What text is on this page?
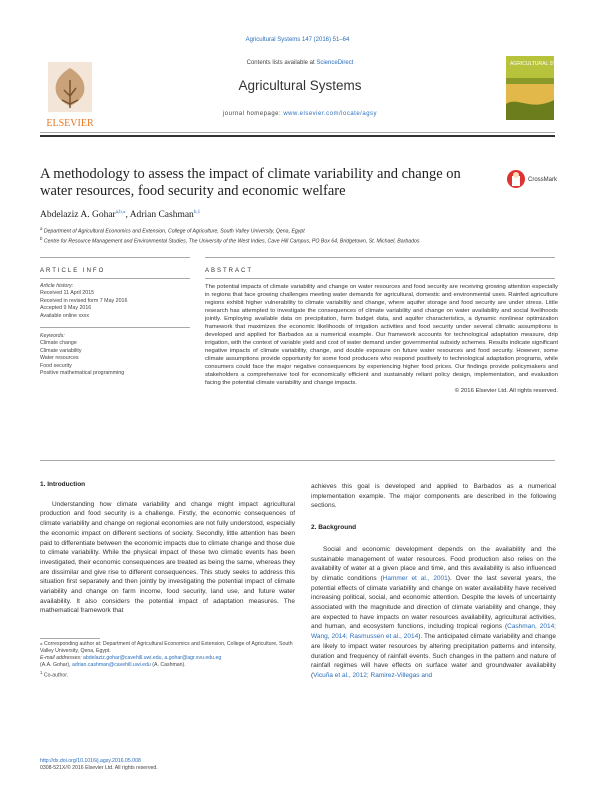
Agricultural Systems 147 (2016) 51–64
ELSEVIER
Contents lists available at ScienceDirect
Agricultural Systems
journal homepage: www.elsevier.com/locate/agsy
AGRICULTURAL SYSTEMS
A methodology to assess the impact of climate variability and change on water resources, food security and economic welfare
CrossMark
Abdelaziz A. Gohar$^{a,b,⁎}$, Adrian Cashman$^{b,1}$
$^a$ Department of Agricultural Economics and Extension, College of Agriculture, South Valley University, Qena, Egypt
$^b$ Centre for Resource Management and Environmental Studies, The University of the West Indies, Cave Hill Campus, PO Box 64, Bridgetown, St. Michael, Barbados
ARTICLE INFO	ABSTRACT
Article history:
Received 11 April 2015
Received in revised form 7 May 2016
Accepted 9 May 2016
Available online xxxx
Keywords:
Climate change
Climate variability
Water resources
Food security
Positive mathematical programming
The potential impacts of climate variability and change on water resources and food security are receiving growing attention especially in regions that face growing challenges meeting water demands for agricultural, domestic and environmental uses. Rainfed agriculture regions exhibit higher vulnerability to climate variability and change, where aquifer storage and food security are under stress. Little research has attempted to investigate the consequences of climate variability and change on water availability and social livelihoods jointly. Employing available data on precipitation, farm budget data, and aquifer characteristics, a dynamic nonlinear optimization framework that maximizes the economic likelihoods of irrigation activities and food security under several climatic assumptions is developed and applied for Barbados as a numerical example. Our framework accounts for technological adaptation measure, drip irrigation, with the context of variable yield and cost of water demand under governmental subsidy schemes. Results indicate significant negative impacts of climate variability, change, and double exposure on future water resources and food security. However, some climate assumptions provide opportunity for some food producers who respond positively to technological adaptation programs, while consumers could face the major negative consequences by experiencing higher food prices. Our findings provide policymakers and stakeholders a comprehensive tool for economically efficient and sustainably reliant policy design, implementation, and evaluation facing the potential climate variability and change impacts.
© 2016 Elsevier Ltd. All rights reserved.
1. Introduction

Understanding how climate variability and change might impact agricultural production and food security is a challenge. Firstly, the economic consequences of climate variability and change on regional economies are not fully understood, especially the economic impact on different sections of society. Secondly, little attention has been paid to differentiate between the economic impacts due to climate change and those due to climate variability. While the physical impact of these two climatic events has been investigated, their economic consequences are treated as being the same, whereas they are dissimilar and give rise to different consequences. This study seeks to address this situation first separately and then jointly by investigating the potential impact of climate variability and change on farm income, food security, land use, and future water availability. It also considers the potential impact of adaptation measures. The mathematical framework that

⁎ Corresponding author at: Department of Agricultural Economics and Extension, College of Agriculture, South Valley University, Qena, Egypt.
E-mail addresses: abdelaziz.gohar@cavehill.uwi.edu, a.gohar@agr.svu.edu.eg
(A.A. Gohar), adrian.cashman@cavehill.uwi.edu (A. Cashman).
$^1$ Co-author.
http://dx.doi.org/10.1016/j.agsy.2016.05.008
0308-521X/© 2016 Elsevier Ltd. All rights reserved.

achieves this goal is developed and applied to Barbados as a numerical implementation example. The major components are described in the following sections.

2. Background

Social and economic development depends on the availability and the sustainable management of water resources. Food production also relies on the availability of water at a given place and time, and this availability is also influenced by climatic conditions (Hammer et al., 2001). Over the last several years, the potential effects of climate variability and change on water availability have received increasing political, social, and economic attention. Despite the levels of uncertainty associated with the magnitude and direction of climate variability and change, they are expected to have impacts on water resources availability, agricultural activities, and human, and ecosystem functions, including tropical regions (Cashman, 2014; Wang, 2014; Rasmussen et al., 2014). The anticipated climate variability and change are likely to impact water resources by altering precipitation patterns and intensity, duration and frequency of rainfall events. Such changes in the pattern and nature of rainfall regimes will have effects on surface water and groundwater availability (Vicuña et al., 2012; Ramirez-Villegas and
